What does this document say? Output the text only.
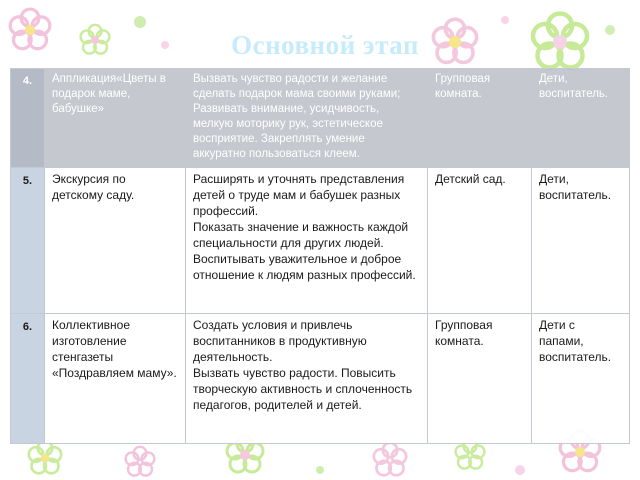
Основной этап
4.	Аппликация«Цветы в подарок маме, бабушке»	Вызвать чувство радости и желание сделать подарок мама своими руками; Развивать внимание, усидчивость, мелкую моторику рук, эстетическое восприятие. Закреплять умение аккуратно пользоваться клеем.	Групповая комната.	Дети, воспитатель.
5.	Экскурсия по детскому саду.	Расширять и уточнять представления детей о труде мам и бабушек разных профессий.
Показать значение и важность каждой специальности для других людей. Воспитывать уважительное и доброе отношение к людям разных профессий.	Детский сад.	Дети, воспитатель.
6.	Коллективное изготовление стенгазеты «Поздравляем маму».	Создать условия и привлечь воспитанников в продуктивную деятельность.
Вызвать чувство радости. Повысить творческую активность и сплоченность педагогов, родителей и детей.	Групповая комната.	Дети с папами, воспитатель.
